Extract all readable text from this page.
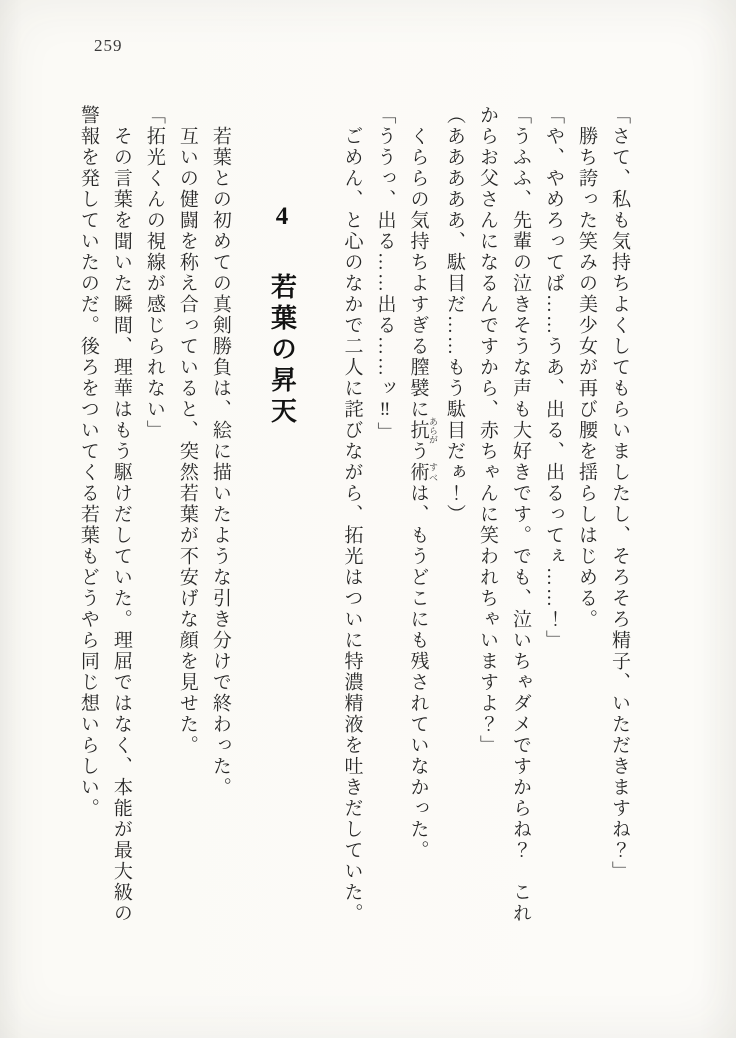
259

「さて、私も気持ちよくしてもらいましたし、そろそろ精子、いただきますね？」

勝ち誇った笑みの美少女が再び腰を揺らしはじめる。

「や、やめろってば……うあ、出る、出るってぇ……！」

「うふふ、先輩の泣きそうな声も大好きです。でも、泣いちゃダメですからね？　これからお父さんになるんですから、赤ちゃんに笑われちゃいますよ？」

（あああああ、駄目だ……もう駄目だぁ！）

くららの気持ちよすぎる膣襞に抗 あらがう術 すべは、もうどこにも残されていなかった。

「ううっ、出る……出る……ッ‼」

ごめん、と心のなかで二人に詫びながら、拓光はついに特濃精液を吐きだしていた。

4 若葉の昇天

若葉との初めての真剣勝負は、絵に描いたような引き分けで終わった。

互いの健闘を称え合っていると、突然若葉が不安げな顔を見せた。

「拓光くんの視線が感じられない」

その言葉を聞いた瞬間、理華はもう駆けだしていた。理屈ではなく、本能が最大級の警報を発していたのだ。後ろをついてくる若葉もどうやら同じ想いらしい。
